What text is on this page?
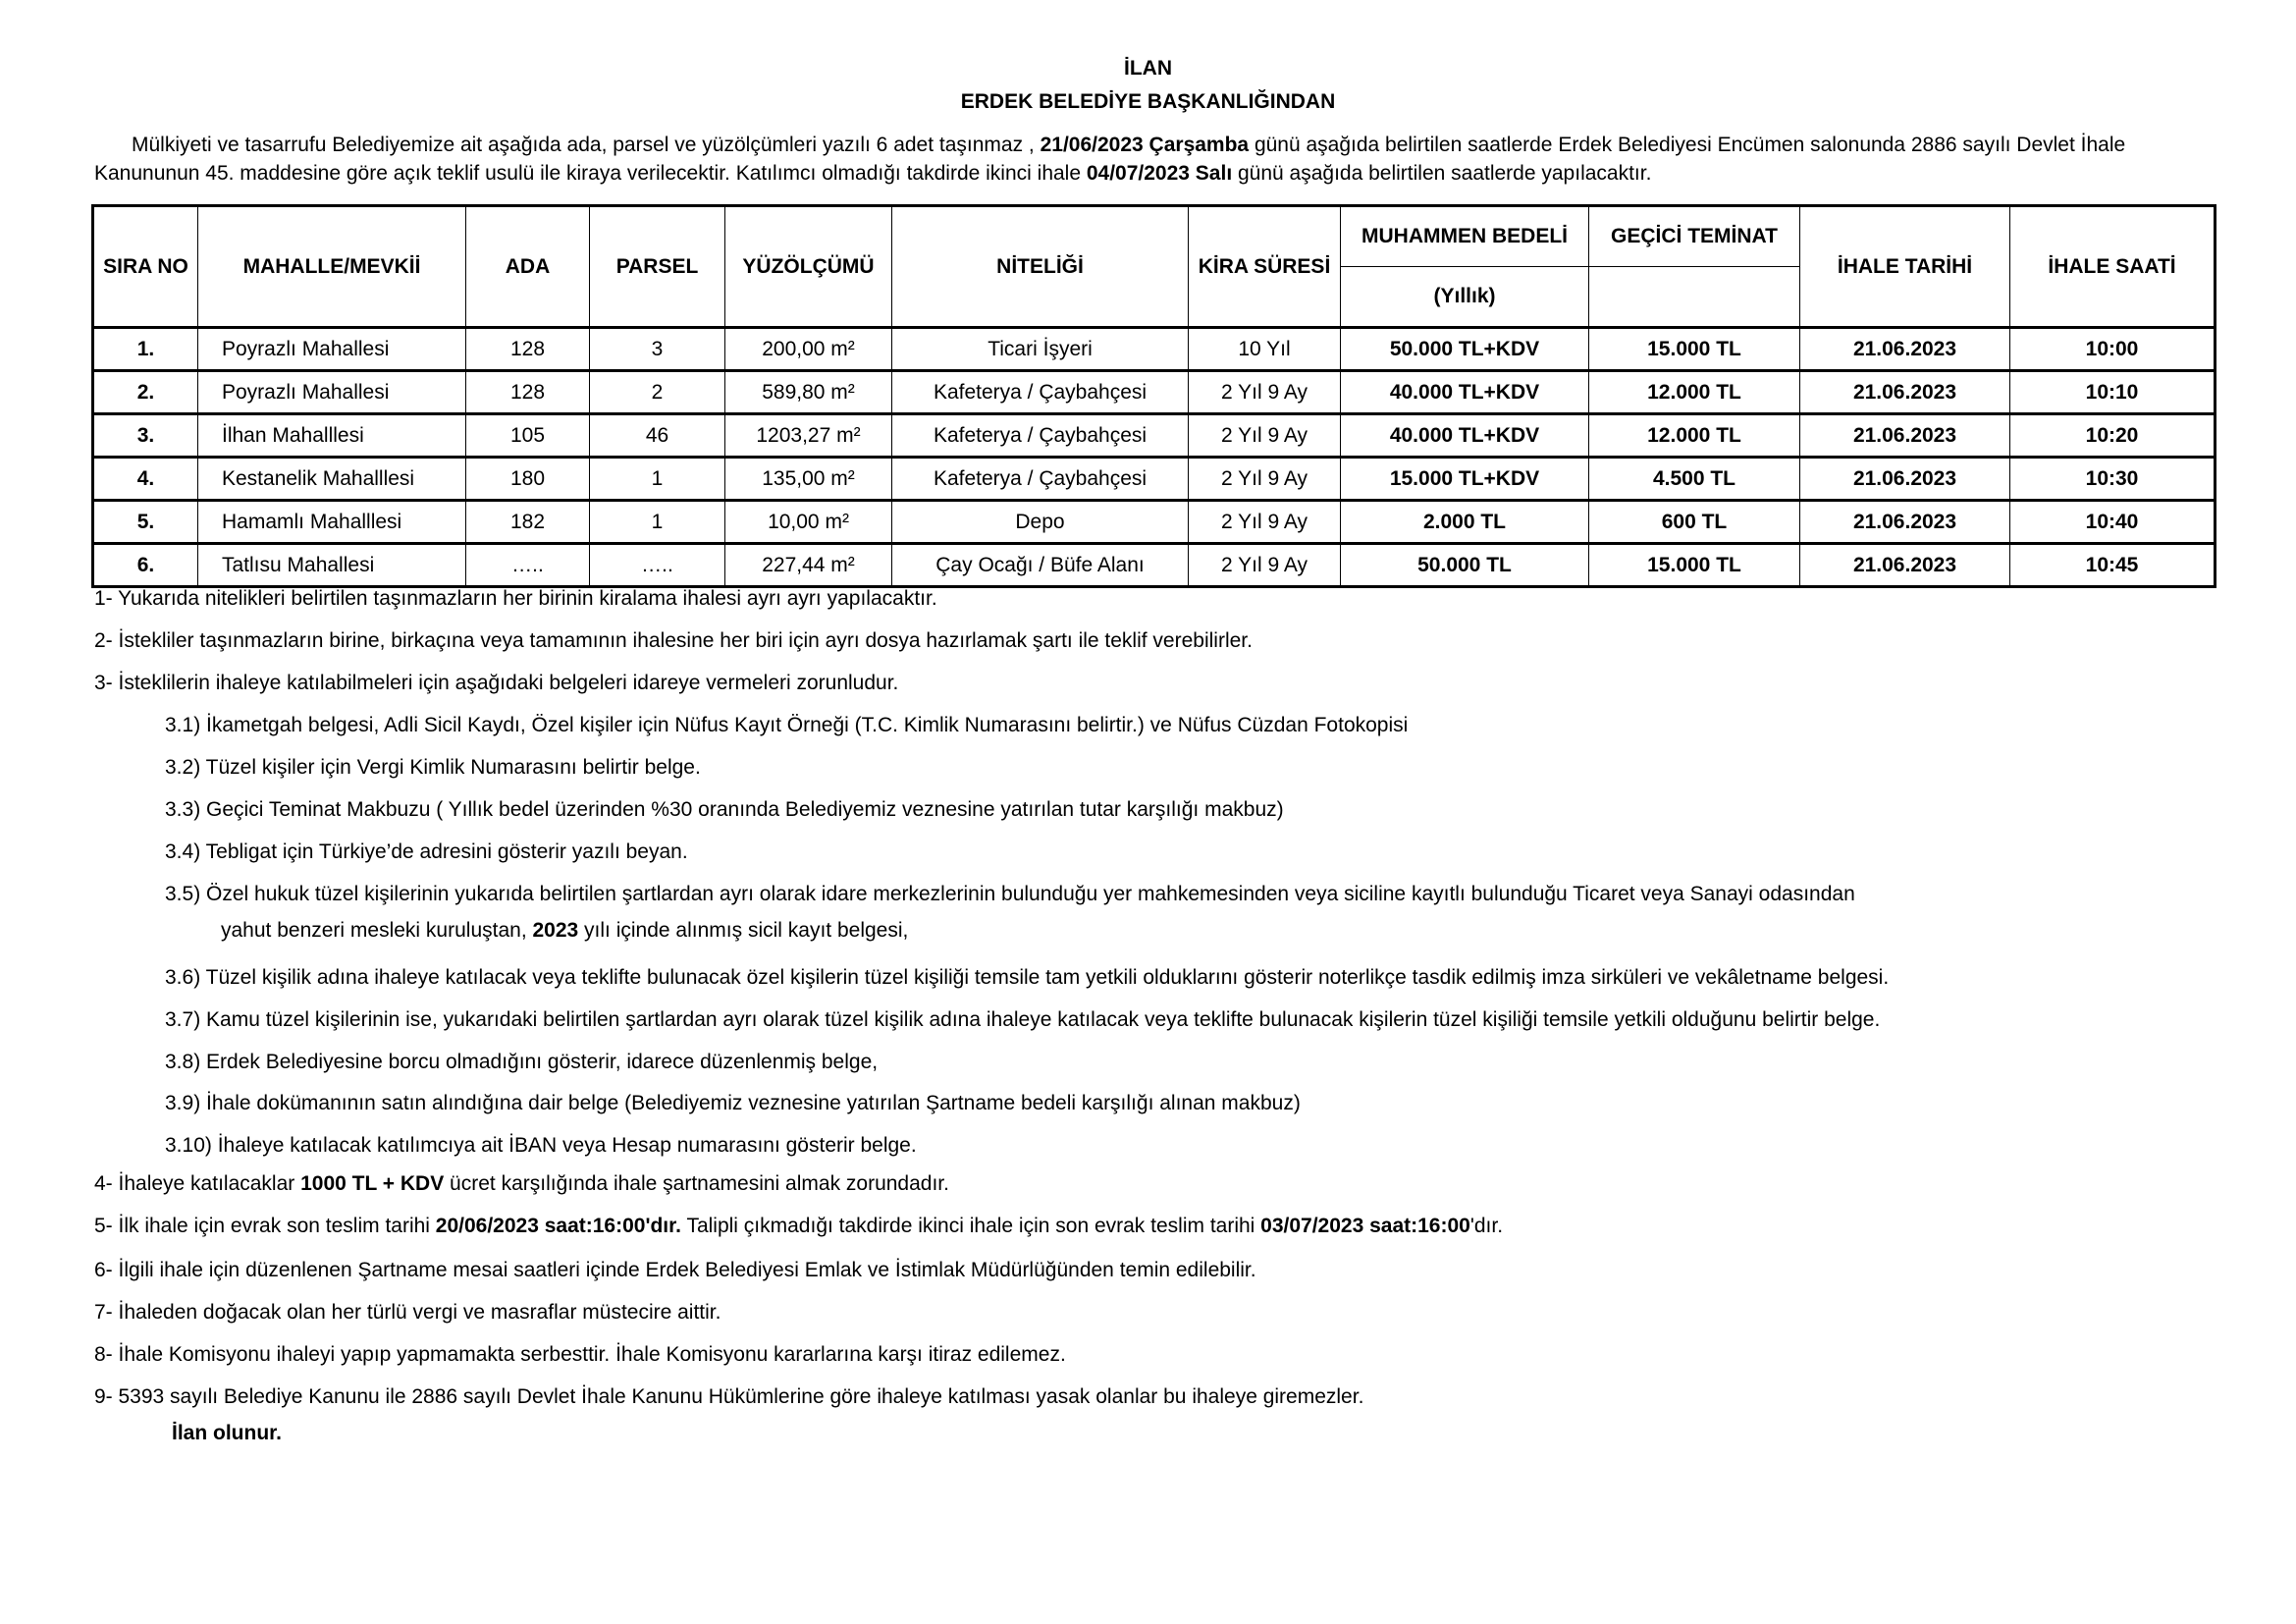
İLAN
ERDEK BELEDİYE BAŞKANLIĞINDAN
Mülkiyeti ve tasarrufu Belediyemize ait aşağıda ada, parsel ve yüzölçümleri yazılı 6 adet taşınmaz , 21/06/2023 Çarşamba günü aşağıda belirtilen saatlerde Erdek Belediyesi Encümen salonunda 2886 sayılı Devlet İhale Kanununun 45. maddesine göre açık teklif usulü ile kiraya verilecektir. Katılımcı olmadığı takdirde ikinci ihale 04/07/2023 Salı günü aşağıda belirtilen saatlerde yapılacaktır.
SIRA NO	MAHALLE/MEVKİİ	ADA	PARSEL	YÜZÖLÇÜMÜ	NİTELİĞİ	KİRA SÜRESİ	MUHAMMEN BEDELİ	GEÇİCİ TEMİNAT	İHALE TARİHİ	İHALE SAATİ
							(Yıllık)			
1.	Poyrazlı Mahallesi	128	3	200,00 m²	Ticari İşyeri	10 Yıl	50.000 TL+KDV	15.000 TL	21.06.2023	10:00
2.	Poyrazlı Mahallesi	128	2	589,80 m²	Kafeterya / Çaybahçesi	2 Yıl 9 Ay	40.000 TL+KDV	12.000 TL	21.06.2023	10:10
3.	İlhan Mahalllesi	105	46	1203,27 m²	Kafeterya / Çaybahçesi	2 Yıl 9 Ay	40.000 TL+KDV	12.000 TL	21.06.2023	10:20
4.	Kestanelik Mahalllesi	180	1	135,00 m²	Kafeterya / Çaybahçesi	2 Yıl 9 Ay	15.000 TL+KDV	4.500 TL	21.06.2023	10:30
5.	Hamamlı Mahalllesi	182	1	10,00 m²	Depo	2 Yıl 9 Ay	2.000 TL	600 TL	21.06.2023	10:40
6.	Tatlısu Mahallesi	…..	…..	227,44 m²	Çay Ocağı / Büfe Alanı	2 Yıl 9 Ay	50.000 TL	15.000 TL	21.06.2023	10:45
1- Yukarıda nitelikleri belirtilen taşınmazların her birinin kiralama ihalesi ayrı ayrı yapılacaktır.
2- İstekliler taşınmazların birine, birkaçına veya tamamının ihalesine her biri için ayrı dosya hazırlamak şartı ile teklif verebilirler.
3- İsteklilerin ihaleye katılabilmeleri için aşağıdaki belgeleri idareye vermeleri zorunludur.
3.1) İkametgah belgesi, Adli Sicil Kaydı, Özel kişiler için Nüfus Kayıt Örneği (T.C. Kimlik Numarasını belirtir.) ve Nüfus Cüzdan Fotokopisi
3.2) Tüzel kişiler için Vergi Kimlik Numarasını belirtir belge.
3.3) Geçici Teminat Makbuzu ( Yıllık bedel üzerinden %30 oranında Belediyemiz veznesine yatırılan tutar karşılığı makbuz)
3.4) Tebligat için Türkiye’de adresini gösterir yazılı beyan.
3.5) Özel hukuk tüzel kişilerinin yukarıda belirtilen şartlardan ayrı olarak idare merkezlerinin bulunduğu yer mahkemesinden veya siciline kayıtlı bulunduğu Ticaret veya Sanayi odasından
yahut benzeri mesleki kuruluştan, 2023 yılı içinde alınmış sicil kayıt belgesi,
3.6) Tüzel kişilik adına ihaleye katılacak veya teklifte bulunacak özel kişilerin tüzel kişiliği temsile tam yetkili olduklarını gösterir noterlikçe tasdik edilmiş imza sirküleri ve vekâletname belgesi.
3.7) Kamu tüzel kişilerinin ise, yukarıdaki belirtilen şartlardan ayrı olarak tüzel kişilik adına ihaleye katılacak veya teklifte bulunacak kişilerin tüzel kişiliği temsile yetkili olduğunu belirtir belge.
3.8) Erdek Belediyesine borcu olmadığını gösterir, idarece düzenlenmiş belge,
3.9) İhale dokümanının satın alındığına dair belge (Belediyemiz veznesine yatırılan Şartname bedeli karşılığı alınan makbuz)
3.10) İhaleye katılacak katılımcıya ait İBAN veya Hesap numarasını gösterir belge.
4- İhaleye katılacaklar 1000 TL + KDV ücret karşılığında ihale şartnamesini almak zorundadır.
5- İlk ihale için evrak son teslim tarihi 20/06/2023 saat:16:00'dır. Talipli çıkmadığı takdirde ikinci ihale için son evrak teslim tarihi 03/07/2023 saat:16:00'dır.
6- İlgili ihale için düzenlenen Şartname mesai saatleri içinde Erdek Belediyesi Emlak ve İstimlak Müdürlüğünden temin edilebilir.
7- İhaleden doğacak olan her türlü vergi ve masraflar müstecire aittir.
8- İhale Komisyonu ihaleyi yapıp yapmamakta serbesttir. İhale Komisyonu kararlarına karşı itiraz edilemez.
9- 5393 sayılı Belediye Kanunu ile 2886 sayılı Devlet İhale Kanunu Hükümlerine göre ihaleye katılması yasak olanlar bu ihaleye giremezler.
İlan olunur.
